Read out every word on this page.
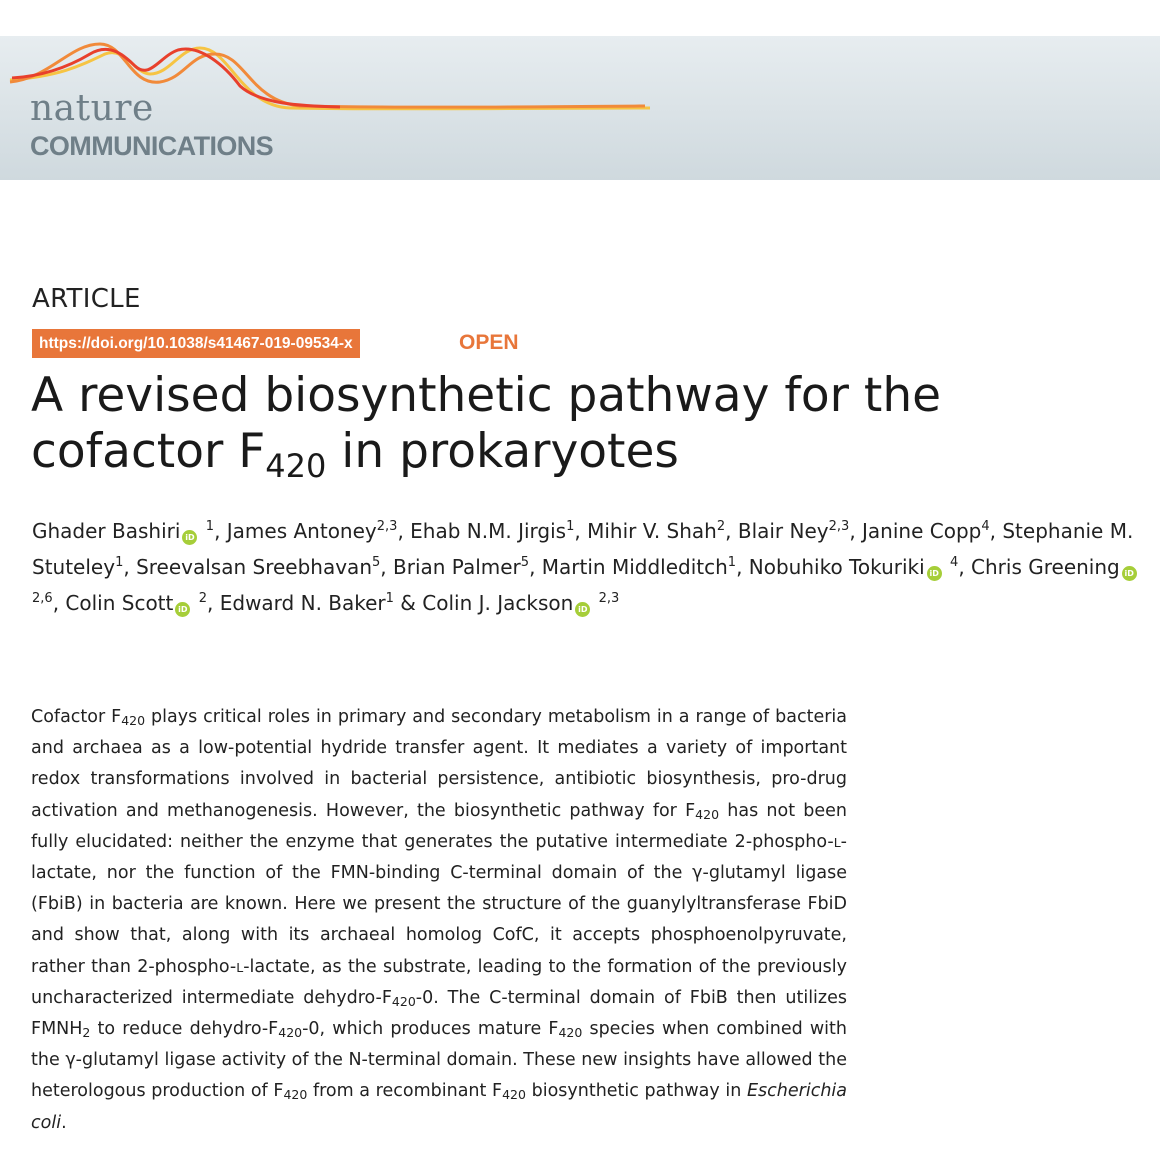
nature
COMMUNICATIONS
ARTICLE
https://doi.org/10.1038/s41467-019-09534-x	OPEN
A revised biosynthetic pathway for the cofactor $F_{420}$ in prokaryotes
Ghader Bashiri iD $^1$, James Antoney$^{2,3}$, Ehab N.M. Jirgis$^1$, Mihir V. Shah$^2$, Blair Ney$^{2,3}$, Janine Copp$^4$, Stephanie M. Stuteley$^1$, Sreevalsan Sreebhavan$^5$, Brian Palmer$^5$, Martin Middleditch$^1$, Nobuhiko Tokuriki iD $^4$, Chris Greening iD $^{2,6}$, Colin Scott iD $^2$, Edward N. Baker$^1$ & Colin J. Jackson iD $^{2,3}$

Cofactor $F_{420}$ plays critical roles in primary and secondary metabolism in a range of bacteria and archaea as a low-potential hydride transfer agent. It mediates a variety of important redox transformations involved in bacterial persistence, antibiotic biosynthesis, pro-drug activation and methanogenesis. However, the biosynthetic pathway for $F_{420}$ has not been fully elucidated: neither the enzyme that generates the putative intermediate 2-phospho-L-lactate, nor the function of the FMN-binding C-terminal domain of the γ-glutamyl ligase (FbiB) in bacteria are known. Here we present the structure of the guanylyltransferase FbiD and show that, along with its archaeal homolog CofC, it accepts phosphoenolpyruvate, rather than 2-phospho-L-lactate, as the substrate, leading to the formation of the previously uncharacterized intermediate dehydro-$F_{420}-0$. The C-terminal domain of FbiB then utilizes $FMNH_2$ to reduce dehydro-$F_{420}-0$, which produces mature $F_{420}$ species when combined with the γ-glutamyl ligase activity of the N-terminal domain. These new insights have allowed the heterologous production of $F_{420}$ from a recombinant $F_{420}$ biosynthetic pathway in Escherichia coli.
